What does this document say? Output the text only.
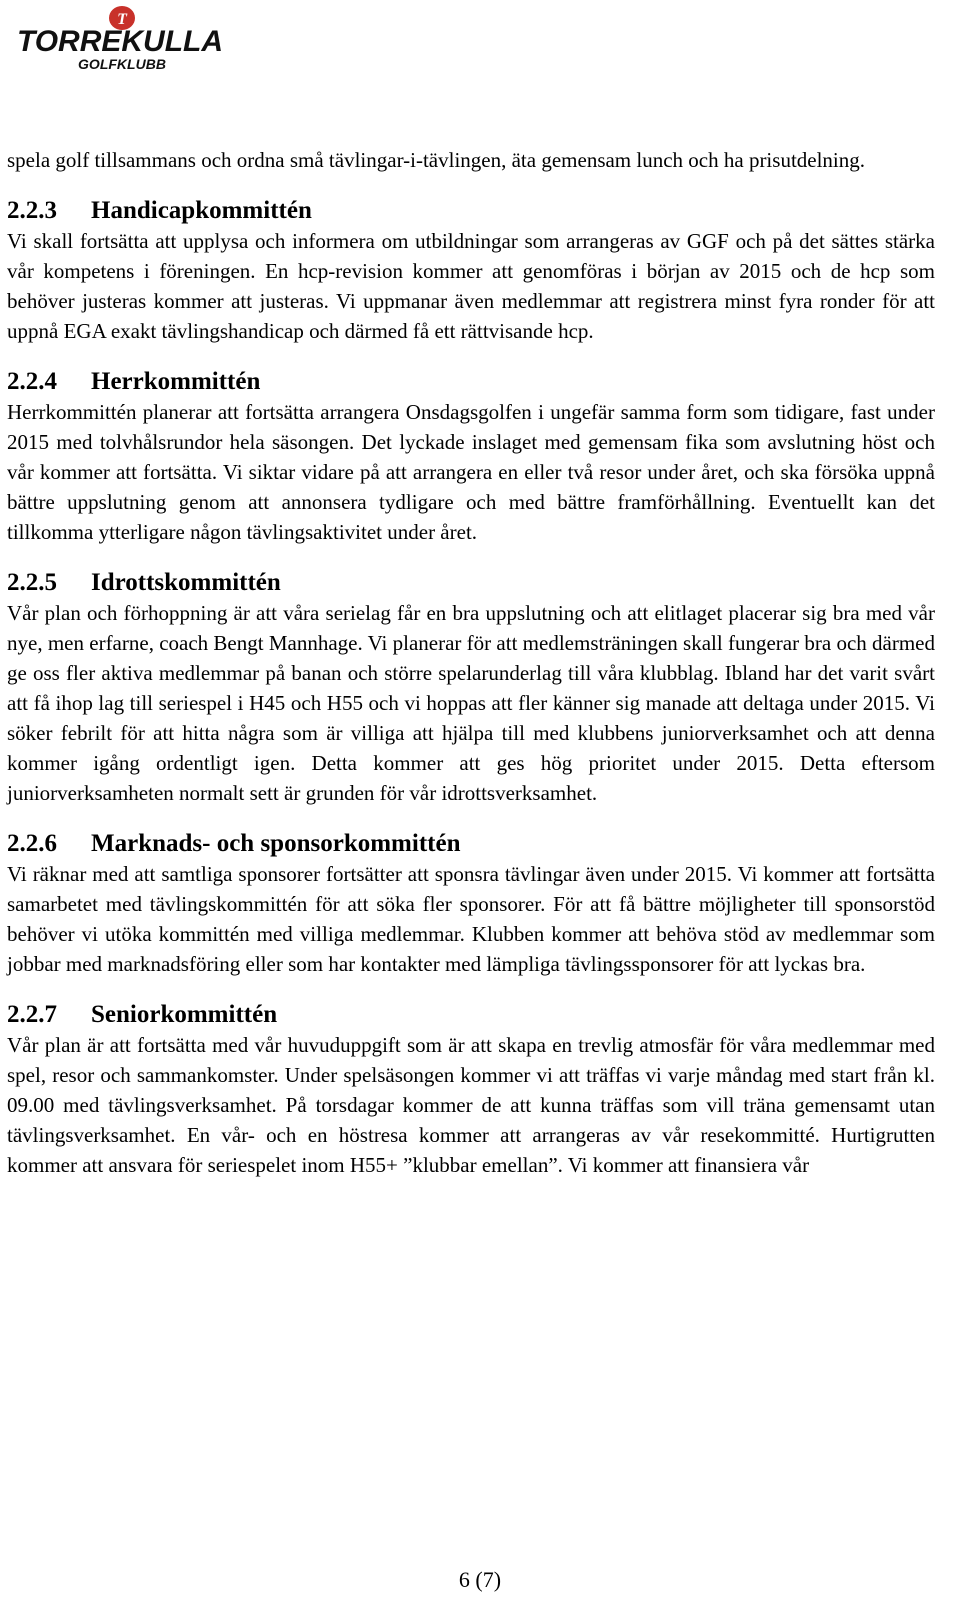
T
TORREKULLA
GOLFKLUBB

spela golf tillsammans och ordna små tävlingar-i-tävlingen, äta gemensam lunch och ha prisutdelning.

2.2.3 Handicapkommittén

Vi skall fortsätta att upplysa och informera om utbildningar som arrangeras av GGF och på det sättes stärka vår kompetens i föreningen. En hcp-revision kommer att genomföras i början av 2015 och de hcp som behöver justeras kommer att justeras. Vi uppmanar även medlemmar att registrera minst fyra ronder för att uppnå EGA exakt tävlingshandicap och därmed få ett rättvisande hcp.

2.2.4 Herrkommittén

Herrkommittén planerar att fortsätta arrangera Onsdagsgolfen i ungefär samma form som tidigare, fast under 2015 med tolvhålsrundor hela säsongen. Det lyckade inslaget med gemensam fika som avslutning höst och vår kommer att fortsätta. Vi siktar vidare på att arrangera en eller två resor under året, och ska försöka uppnå bättre uppslutning genom att annonsera tydligare och med bättre framförhållning. Eventuellt kan det tillkomma ytterligare någon tävlingsaktivitet under året.

2.2.5 Idrottskommittén

Vår plan och förhoppning är att våra serielag får en bra uppslutning och att elitlaget placerar sig bra med vår nye, men erfarne, coach Bengt Mannhage. Vi planerar för att medlemsträningen skall fungerar bra och därmed ge oss fler aktiva medlemmar på banan och större spelarunderlag till våra klubblag. Ibland har det varit svårt att få ihop lag till seriespel i H45 och H55 och vi hoppas att fler känner sig manade att deltaga under 2015. Vi söker febrilt för att hitta några som är villiga att hjälpa till med klubbens juniorverksamhet och att denna kommer igång ordentligt igen. Detta kommer att ges hög prioritet under 2015. Detta eftersom juniorverksamheten normalt sett är grunden för vår idrottsverksamhet.

2.2.6 Marknads- och sponsorkommittén

Vi räknar med att samtliga sponsorer fortsätter att sponsra tävlingar även under 2015. Vi kommer att fortsätta samarbetet med tävlingskommittén för att söka fler sponsorer. För att få bättre möjligheter till sponsorstöd behöver vi utöka kommittén med villiga medlemmar. Klubben kommer att behöva stöd av medlemmar som jobbar med marknadsföring eller som har kontakter med lämpliga tävlingssponsorer för att lyckas bra.

2.2.7 Seniorkommittén

Vår plan är att fortsätta med vår huvuduppgift som är att skapa en trevlig atmosfär för våra medlemmar med spel, resor och sammankomster. Under spelsäsongen kommer vi att träffas vi varje måndag med start från kl. 09.00 med tävlingsverksamhet. På torsdagar kommer de att kunna träffas som vill träna gemensamt utan tävlingsverksamhet. En vår- och en höstresa kommer att arrangeras av vår resekommitté. Hurtigrutten kommer att ansvara för seriespelet inom H55+ ”klubbar emellan”. Vi kommer att finansiera vår

6 (7)
